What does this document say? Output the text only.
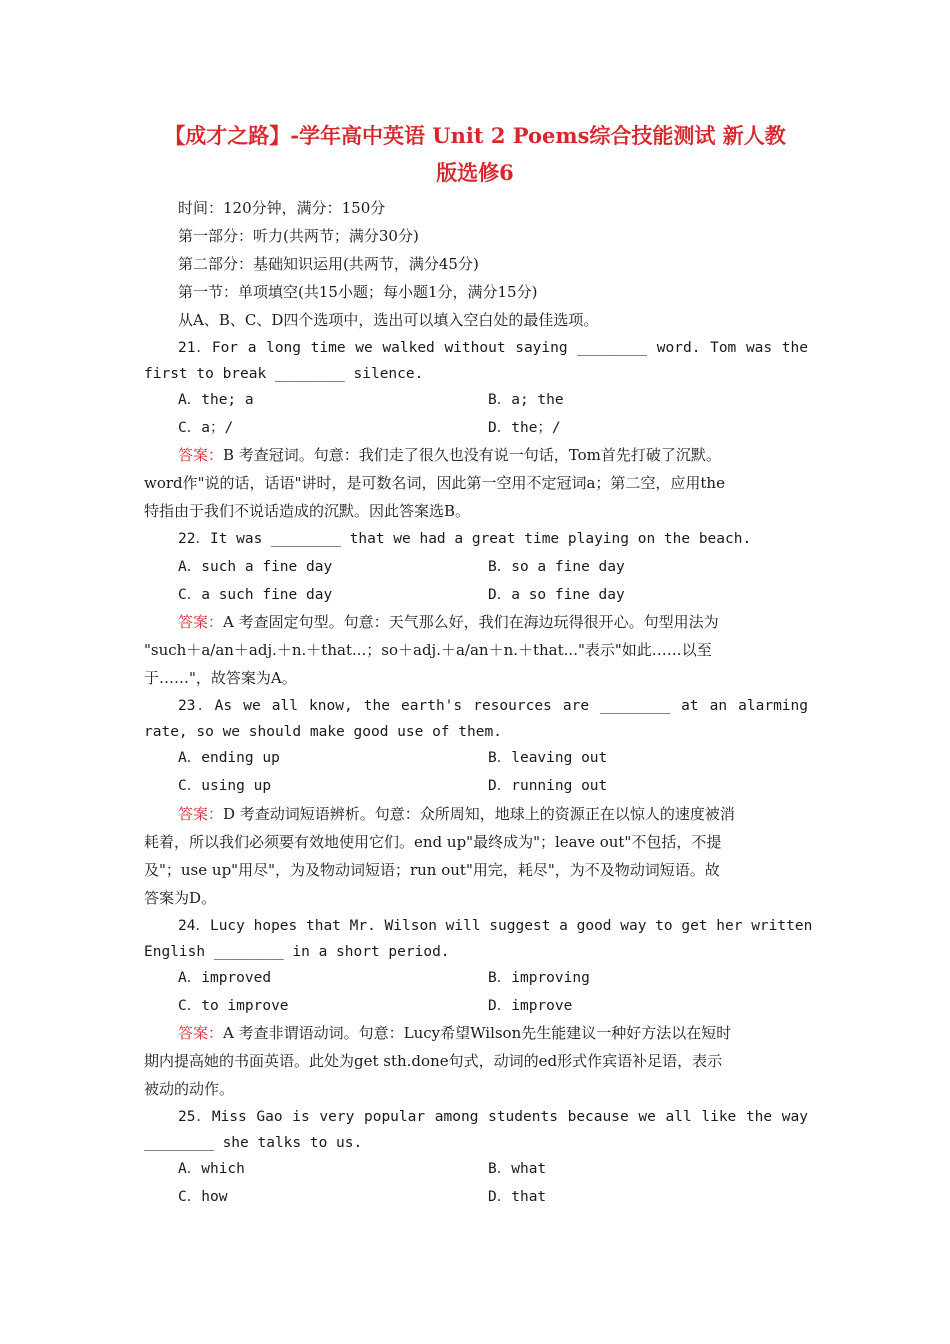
【成才之路】-学年高中英语 Unit 2 Poems综合技能测试 新人教
版选修6
时间：120分钟，满分：150分
第一部分：听力(共两节；满分30分)
第二部分：基础知识运用(共两节，满分45分)
第一节：单项填空(共15小题；每小题1分，满分15分)
从A、B、C、D四个选项中，选出可以填入空白处的最佳选项。
21．For a long time we walked without saying ________ word. Tom was the
first to break ________ silence.
A．the; a	B．a; the
C．a；/	D．the；/
答案：B 考查冠词。句意：我们走了很久也没有说一句话，Tom首先打破了沉默。
word作"说的话，话语"讲时，是可数名词，因此第一空用不定冠词a；第二空，应用the
特指由于我们不说话造成的沉默。因此答案选B。
22．It was ________ that we had a great time playing on the beach.
A．such a fine day	B．so a fine day
C．a such fine day	D．a so fine day
答案：A 考查固定句型。句意：天气那么好，我们在海边玩得很开心。句型用法为
"such＋a/an＋adj.＋n.＋that...；so＋adj.＋a/an＋n.＋that..."表示"如此……以至
于……"，故答案为A。
23．As we all know, the earth's resources are ________ at an alarming
rate, so we should make good use of them.
A．ending up	B．leaving out
C．using up	D．running out
答案：D 考查动词短语辨析。句意：众所周知，地球上的资源正在以惊人的速度被消
耗着，所以我们必须要有效地使用它们。end up"最终成为"；leave out"不包括，不提
及"；use up"用尽"，为及物动词短语；run out"用完，耗尽"，为不及物动词短语。故
答案为D。
24．Lucy hopes that Mr. Wilson will suggest a good way to get her written
English ________ in a short period.
A．improved	B．improving
C．to improve	D．improve
答案：A 考查非谓语动词。句意：Lucy希望Wilson先生能建议一种好方法以在短时
期内提高她的书面英语。此处为get sth.done句式，动词的ed形式作宾语补足语，表示
被动的动作。
25．Miss Gao is very popular among students because we all like the way
________ she talks to us.
A．which	B．what
C．how	D．that
